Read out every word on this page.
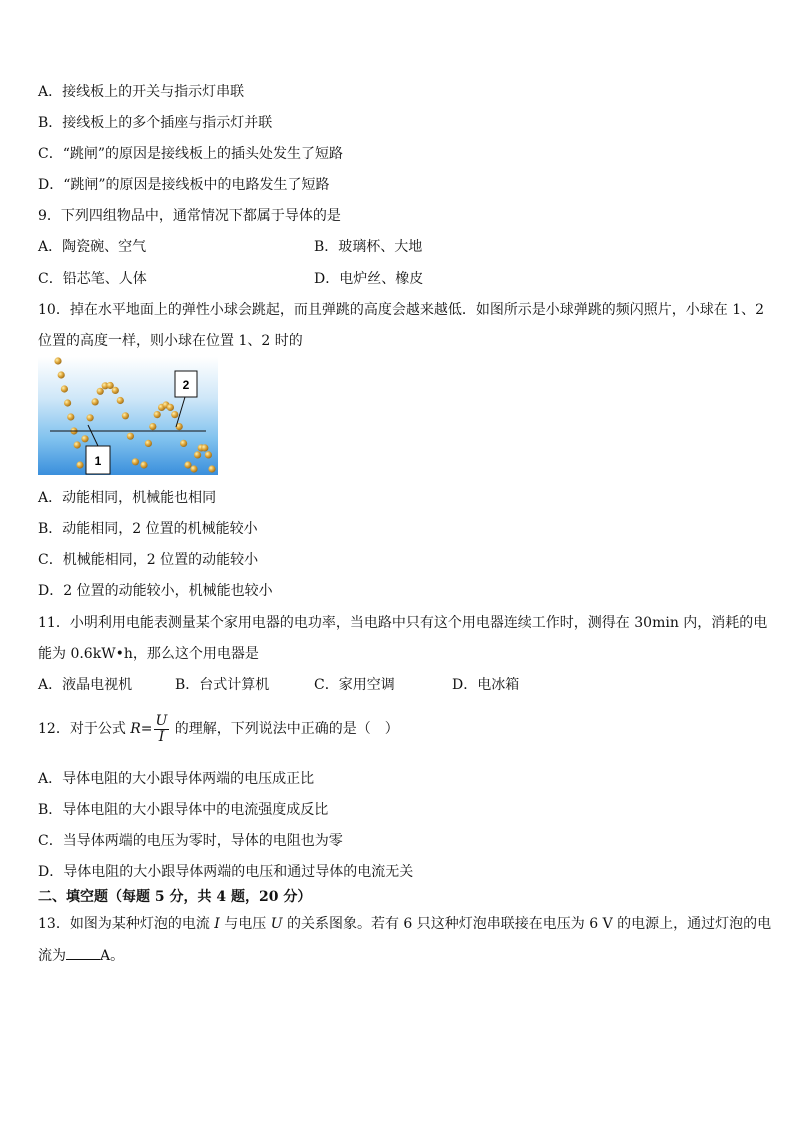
A．接线板上的开关与指示灯串联
B．接线板上的多个插座与指示灯并联
C．“跳闸”的原因是接线板上的插头处发生了短路
D．“跳闸”的原因是接线板中的电路发生了短路
9．下列四组物品中，通常情况下都属于导体的是
A．陶瓷碗、空气	B．玻璃杯、大地
C．铅芯笔、人体	D．电炉丝、橡皮
10．掉在水平地面上的弹性小球会跳起，而且弹跳的高度会越来越低．如图所示是小球弹跳的频闪照片，小球在 1、2
位置的高度一样，则小球在位置 1、2 时的
1
2
A．动能相同，机械能也相同
B．动能相同，2 位置的机械能较小
C．机械能相同，2 位置的动能较小
D．2 位置的动能较小，机械能也较小
11．小明利用电能表测量某个家用电器的电功率，当电路中只有这个用电器连续工作时，测得在 30min 内，消耗的电
能为 0.6kW•h，那么这个用电器是
A．液晶电视机	B．台式计算机	C．家用空调	D．电冰箱
12．对于公式 $R= \frac{U}{I}$ 的理解，下列说法中正确的是（　）
A．导体电阻的大小跟导体两端的电压成正比
B．导体电阻的大小跟导体中的电流强度成反比
C．当导体两端的电压为零时，导体的电阻也为零
D．导体电阻的大小跟导体两端的电压和通过导体的电流无关
二、填空题（每题 5 分，共 4 题，20 分）
13．如图为某种灯泡的电流 I 与电压 U 的关系图象。若有 6 只这种灯泡串联接在电压为 6 V 的电源上，通过灯泡的电
流为 A。
